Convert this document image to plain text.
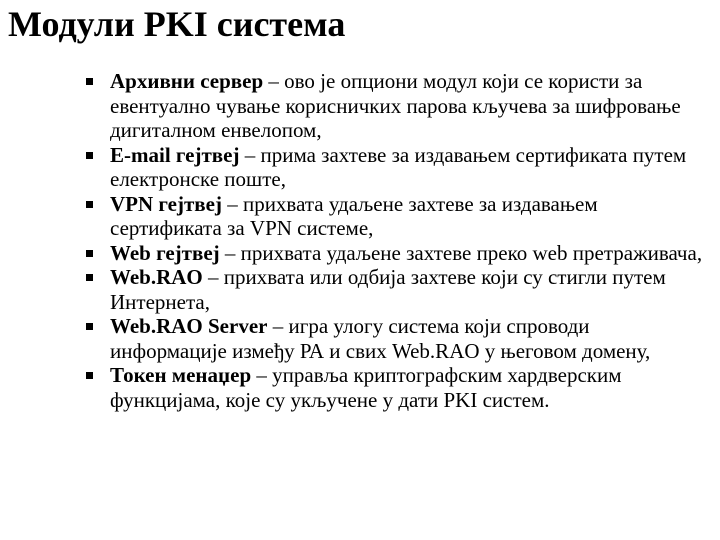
Модули PKI система
Архивни сервер – ово је опциони модул који се користи за евентуално чување корисничких парова кључева за шифровање дигиталном енвелопом,
E-mail гејтвеј – прима захтеве за издавањем сертификата путем електронске поште,
VPN гејтвеј – прихвата удаљене захтеве за издавањем сертификата за VPN системе,
Web гејтвеј – прихвата удаљене захтеве преко web претраживача,
Web.RAO – прихвата или одбија захтеве који су стигли путем Интернета,
Web.RAO Server – игра улогу система који спроводи информације између РА и свих Web.RAO у његовом домену,
Токен менаџер – управља криптографским хардверским функцијама, које су укључене у дати PKI систем.
